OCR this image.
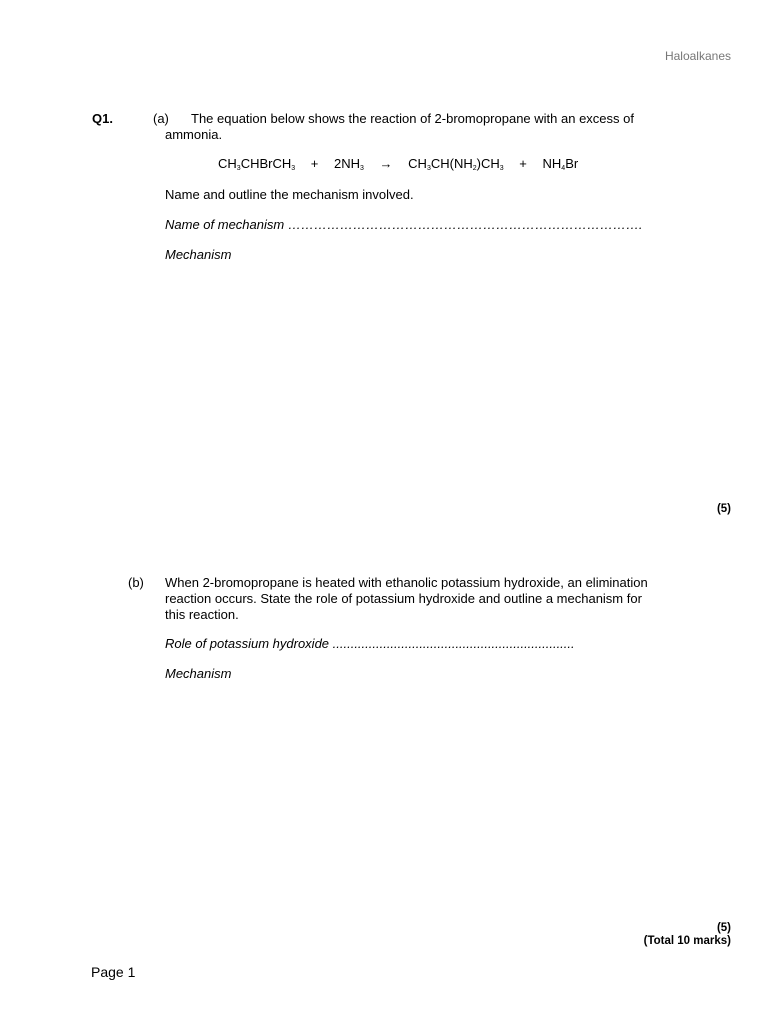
Haloalkanes
Q1.	(a) The equation below shows the reaction of 2-bromopropane with an excess of
ammonia.
CH3CHBrCH3 + 2NH3 → CH3CH(NH2)CH3 + NH4Br
Name and outline the mechanism involved.
Name of mechanism ……………………………………………………………………….
Mechanism
(5)
(b) When 2-bromopropane is heated with ethanolic potassium hydroxide, an elimination
reaction occurs. State the role of potassium hydroxide and outline a mechanism for
this reaction.
Role of potassium hydroxide ...................................................................
Mechanism
(5)
(Total 10 marks)
Page 1
